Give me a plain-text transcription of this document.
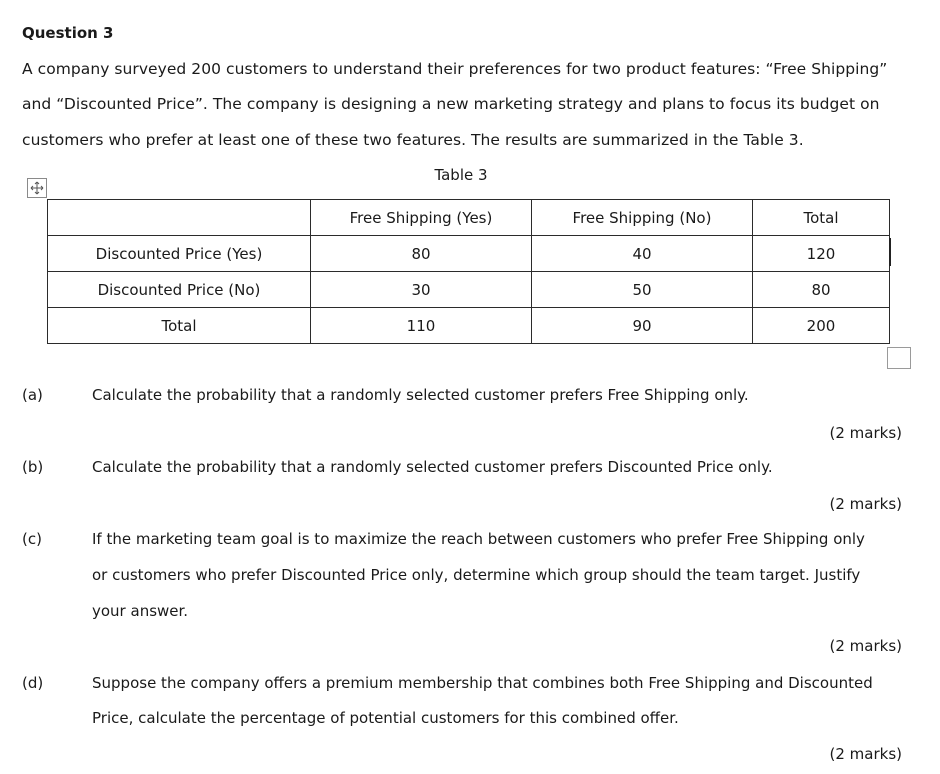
Question 3
A company surveyed 200 customers to understand their preferences for two product features: “Free Shipping”
and “Discounted Price”. The company is designing a new marketing strategy and plans to focus its budget on
customers who prefer at least one of these two features. The results are summarized in the Table 3.
Table 3
	Free Shipping (Yes)	Free Shipping (No)	Total
Discounted Price (Yes)	80	40	120
Discounted Price (No)	30	50	80
Total	110	90	200
(a)	Calculate the probability that a randomly selected customer prefers Free Shipping only.
(2 marks)
(b)	Calculate the probability that a randomly selected customer prefers Discounted Price only.
(2 marks)
(c)	If the marketing team goal is to maximize the reach between customers who prefer Free Shipping only
or customers who prefer Discounted Price only, determine which group should the team target. Justify
your answer.
(2 marks)
(d)	Suppose the company offers a premium membership that combines both Free Shipping and Discounted
Price, calculate the percentage of potential customers for this combined offer.
(2 marks)
